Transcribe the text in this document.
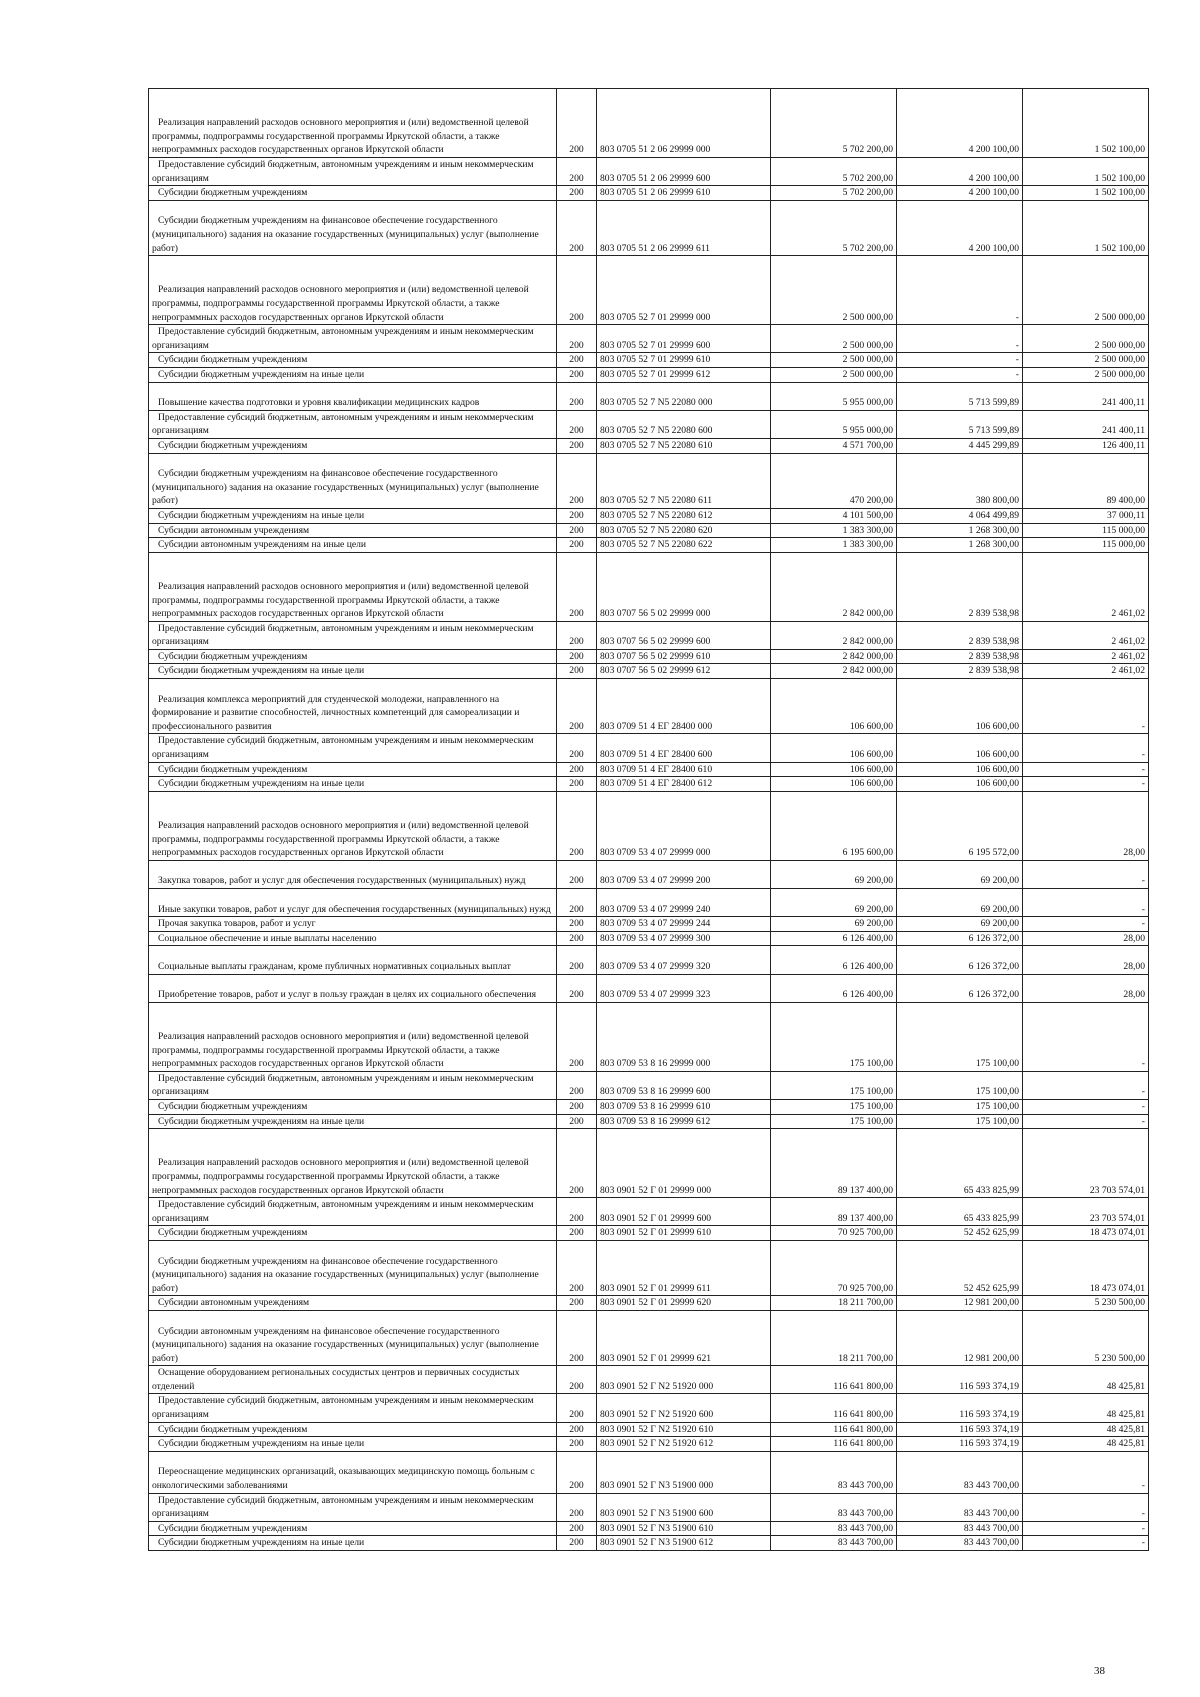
Реализация направлений расходов основного мероприятия и (или) ведомственной целевой программы, подпрограммы государственной программы Иркутской области, а также непрограммных расходов государственных органов Иркутской области	200	803 0705 51 2 06 29999 000	5 702 200,00	4 200 100,00	1 502 100,00
Предоставление субсидий бюджетным, автономным учреждениям и иным некоммерческим организациям	200	803 0705 51 2 06 29999 600	5 702 200,00	4 200 100,00	1 502 100,00
Субсидии бюджетным учреждениям	200	803 0705 51 2 06 29999 610	5 702 200,00	4 200 100,00	1 502 100,00
Субсидии бюджетным учреждениям на финансовое обеспечение государственного (муниципального) задания на оказание государственных (муниципальных) услуг (выполнение работ)	200	803 0705 51 2 06 29999 611	5 702 200,00	4 200 100,00	1 502 100,00
Реализация направлений расходов основного мероприятия и (или) ведомственной целевой программы, подпрограммы государственной программы Иркутской области, а также непрограммных расходов государственных органов Иркутской области	200	803 0705 52 7 01 29999 000	2 500 000,00	-	2 500 000,00
Предоставление субсидий бюджетным, автономным учреждениям и иным некоммерческим организациям	200	803 0705 52 7 01 29999 600	2 500 000,00	-	2 500 000,00
Субсидии бюджетным учреждениям	200	803 0705 52 7 01 29999 610	2 500 000,00	-	2 500 000,00
Субсидии бюджетным учреждениям на иные цели	200	803 0705 52 7 01 29999 612	2 500 000,00	-	2 500 000,00
Повышение качества подготовки и уровня квалификации медицинских кадров	200	803 0705 52 7 N5 22080 000	5 955 000,00	5 713 599,89	241 400,11
Предоставление субсидий бюджетным, автономным учреждениям и иным некоммерческим организациям	200	803 0705 52 7 N5 22080 600	5 955 000,00	5 713 599,89	241 400,11
Субсидии бюджетным учреждениям	200	803 0705 52 7 N5 22080 610	4 571 700,00	4 445 299,89	126 400,11
Субсидии бюджетным учреждениям на финансовое обеспечение государственного (муниципального) задания на оказание государственных (муниципальных) услуг (выполнение работ)	200	803 0705 52 7 N5 22080 611	470 200,00	380 800,00	89 400,00
Субсидии бюджетным учреждениям на иные цели	200	803 0705 52 7 N5 22080 612	4 101 500,00	4 064 499,89	37 000,11
Субсидии автономным учреждениям	200	803 0705 52 7 N5 22080 620	1 383 300,00	1 268 300,00	115 000,00
Субсидии автономным учреждениям на иные цели	200	803 0705 52 7 N5 22080 622	1 383 300,00	1 268 300,00	115 000,00
Реализация направлений расходов основного мероприятия и (или) ведомственной целевой программы, подпрограммы государственной программы Иркутской области, а также непрограммных расходов государственных органов Иркутской области	200	803 0707 56 5 02 29999 000	2 842 000,00	2 839 538,98	2 461,02
Предоставление субсидий бюджетным, автономным учреждениям и иным некоммерческим организациям	200	803 0707 56 5 02 29999 600	2 842 000,00	2 839 538,98	2 461,02
Субсидии бюджетным учреждениям	200	803 0707 56 5 02 29999 610	2 842 000,00	2 839 538,98	2 461,02
Субсидии бюджетным учреждениям на иные цели	200	803 0707 56 5 02 29999 612	2 842 000,00	2 839 538,98	2 461,02
Реализация комплекса мероприятий для студенческой молодежи, направленного на формирование и развитие способностей, личностных компетенций для самореализации и профессионального развития	200	803 0709 51 4 ЕГ 28400 000	106 600,00	106 600,00	-
Предоставление субсидий бюджетным, автономным учреждениям и иным некоммерческим организациям	200	803 0709 51 4 ЕГ 28400 600	106 600,00	106 600,00	-
Субсидии бюджетным учреждениям	200	803 0709 51 4 ЕГ 28400 610	106 600,00	106 600,00	-
Субсидии бюджетным учреждениям на иные цели	200	803 0709 51 4 ЕГ 28400 612	106 600,00	106 600,00	-
Реализация направлений расходов основного мероприятия и (или) ведомственной целевой программы, подпрограммы государственной программы Иркутской области, а также непрограммных расходов государственных органов Иркутской области	200	803 0709 53 4 07 29999 000	6 195 600,00	6 195 572,00	28,00
Закупка товаров, работ и услуг для обеспечения государственных (муниципальных) нужд	200	803 0709 53 4 07 29999 200	69 200,00	69 200,00	-
Иные закупки товаров, работ и услуг для обеспечения государственных (муниципальных) нужд	200	803 0709 53 4 07 29999 240	69 200,00	69 200,00	-
Прочая закупка товаров, работ и услуг	200	803 0709 53 4 07 29999 244	69 200,00	69 200,00	-
Социальное обеспечение и иные выплаты населению	200	803 0709 53 4 07 29999 300	6 126 400,00	6 126 372,00	28,00
Социальные выплаты гражданам, кроме публичных нормативных социальных выплат	200	803 0709 53 4 07 29999 320	6 126 400,00	6 126 372,00	28,00
Приобретение товаров, работ и услуг в пользу граждан в целях их социального обеспечения	200	803 0709 53 4 07 29999 323	6 126 400,00	6 126 372,00	28,00
Реализация направлений расходов основного мероприятия и (или) ведомственной целевой программы, подпрограммы государственной программы Иркутской области, а также непрограммных расходов государственных органов Иркутской области	200	803 0709 53 8 16 29999 000	175 100,00	175 100,00	-
Предоставление субсидий бюджетным, автономным учреждениям и иным некоммерческим организациям	200	803 0709 53 8 16 29999 600	175 100,00	175 100,00	-
Субсидии бюджетным учреждениям	200	803 0709 53 8 16 29999 610	175 100,00	175 100,00	-
Субсидии бюджетным учреждениям на иные цели	200	803 0709 53 8 16 29999 612	175 100,00	175 100,00	-
Реализация направлений расходов основного мероприятия и (или) ведомственной целевой программы, подпрограммы государственной программы Иркутской области, а также непрограммных расходов государственных органов Иркутской области	200	803 0901 52 Г 01 29999 000	89 137 400,00	65 433 825,99	23 703 574,01
Предоставление субсидий бюджетным, автономным учреждениям и иным некоммерческим организациям	200	803 0901 52 Г 01 29999 600	89 137 400,00	65 433 825,99	23 703 574,01
Субсидии бюджетным учреждениям	200	803 0901 52 Г 01 29999 610	70 925 700,00	52 452 625,99	18 473 074,01
Субсидии бюджетным учреждениям на финансовое обеспечение государственного (муниципального) задания на оказание государственных (муниципальных) услуг (выполнение работ)	200	803 0901 52 Г 01 29999 611	70 925 700,00	52 452 625,99	18 473 074,01
Субсидии автономным учреждениям	200	803 0901 52 Г 01 29999 620	18 211 700,00	12 981 200,00	5 230 500,00
Субсидии автономным учреждениям на финансовое обеспечение государственного (муниципального) задания на оказание государственных (муниципальных) услуг (выполнение работ)	200	803 0901 52 Г 01 29999 621	18 211 700,00	12 981 200,00	5 230 500,00
Оснащение оборудованием региональных сосудистых центров и первичных сосудистых отделений	200	803 0901 52 Г N2 51920 000	116 641 800,00	116 593 374,19	48 425,81
Предоставление субсидий бюджетным, автономным учреждениям и иным некоммерческим организациям	200	803 0901 52 Г N2 51920 600	116 641 800,00	116 593 374,19	48 425,81
Субсидии бюджетным учреждениям	200	803 0901 52 Г N2 51920 610	116 641 800,00	116 593 374,19	48 425,81
Субсидии бюджетным учреждениям на иные цели	200	803 0901 52 Г N2 51920 612	116 641 800,00	116 593 374,19	48 425,81
Переоснащение медицинских организаций, оказывающих медицинскую помощь больным с онкологическими заболеваниями	200	803 0901 52 Г N3 51900 000	83 443 700,00	83 443 700,00	-
Предоставление субсидий бюджетным, автономным учреждениям и иным некоммерческим организациям	200	803 0901 52 Г N3 51900 600	83 443 700,00	83 443 700,00	-
Субсидии бюджетным учреждениям	200	803 0901 52 Г N3 51900 610	83 443 700,00	83 443 700,00	-
Субсидии бюджетным учреждениям на иные цели	200	803 0901 52 Г N3 51900 612	83 443 700,00	83 443 700,00	-
38
